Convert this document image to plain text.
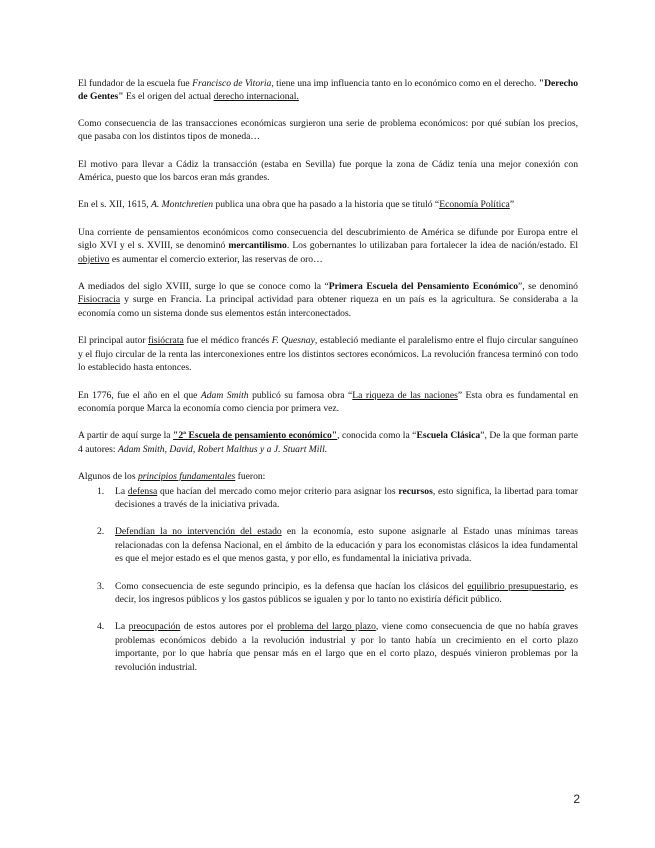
El fundador de la escuela fue Francisco de Vitoria, tiene una imp influencia tanto en lo económico como en el derecho. "Derecho de Gentes" Es el origen del actual derecho internacional.

Como consecuencia de las transacciones económicas surgieron una serie de problema económicos: por qué subían los precios, que pasaba con los distintos tipos de moneda…

El motivo para llevar a Cádiz la transacción (estaba en Sevilla) fue porque la zona de Cádiz tenía una mejor conexión con América, puesto que los barcos eran más grandes.

En el s. XII, 1615, A. Montchretien publica una obra que ha pasado a la historia que se tituló “Economía Política”

Una corriente de pensamientos económicos como consecuencia del descubrimiento de América se difunde por Europa entre el siglo XVI y el s. XVIII, se denominó mercantilismo. Los gobernantes lo utilizaban para fortalecer la idea de nación/estado. El objetivo es aumentar el comercio exterior, las reservas de oro…

A mediados del siglo XVIII, surge lo que se conoce como la “Primera Escuela del Pensamiento Económico”, se denominó Fisiocracia y surge en Francia. La principal actividad para obtener riqueza en un país es la agricultura. Se consideraba a la economía como un sistema donde sus elementos están interconectados.

El principal autor fisiócrata fue el médico francés F. Quesnay, estableció mediante el paralelismo entre el flujo circular sanguíneo y el flujo circular de la renta las interconexiones entre los distintos sectores económicos. La revolución francesa terminó con todo lo establecido hasta entonces.

En 1776, fue el año en el que Adam Smith publicó su famosa obra “La riqueza de las naciones” Esta obra es fundamental en economía porque Marca la economía como ciencia por primera vez.

A partir de aquí surge la "2ª Escuela de pensamiento económico", conocida como la “Escuela Clásica”, De la que forman parte 4 autores: Adam Smith, David, Robert Malthus y a J. Stuart Mill.

Algunos de los principios fundamentales fueron:

1. La defensa que hacían del mercado como mejor criterio para asignar los recursos, esto significa, la libertad para tomar decisiones a través de la iniciativa privada.
2. Defendían la no intervención del estado en la economía, esto supone asignarle al Estado unas mínimas tareas relacionadas con la defensa Nacional, en el ámbito de la educación y para los economistas clásicos la idea fundamental es que el mejor estado es el que menos gasta, y por ello, es fundamental la iniciativa privada.
3. Como consecuencia de este segundo principio, es la defensa que hacían los clásicos del equilibrio presupuestario, es decir, los ingresos públicos y los gastos públicos se igualen y por lo tanto no existiría déficit público.
4. La preocupación de estos autores por el problema del largo plazo, viene como consecuencia de que no había graves problemas económicos debido a la revolución industrial y por lo tanto había un crecimiento en el corto plazo importante, por lo que habría que pensar más en el largo que en el corto plazo, después vinieron problemas por la revolución industrial.
2
